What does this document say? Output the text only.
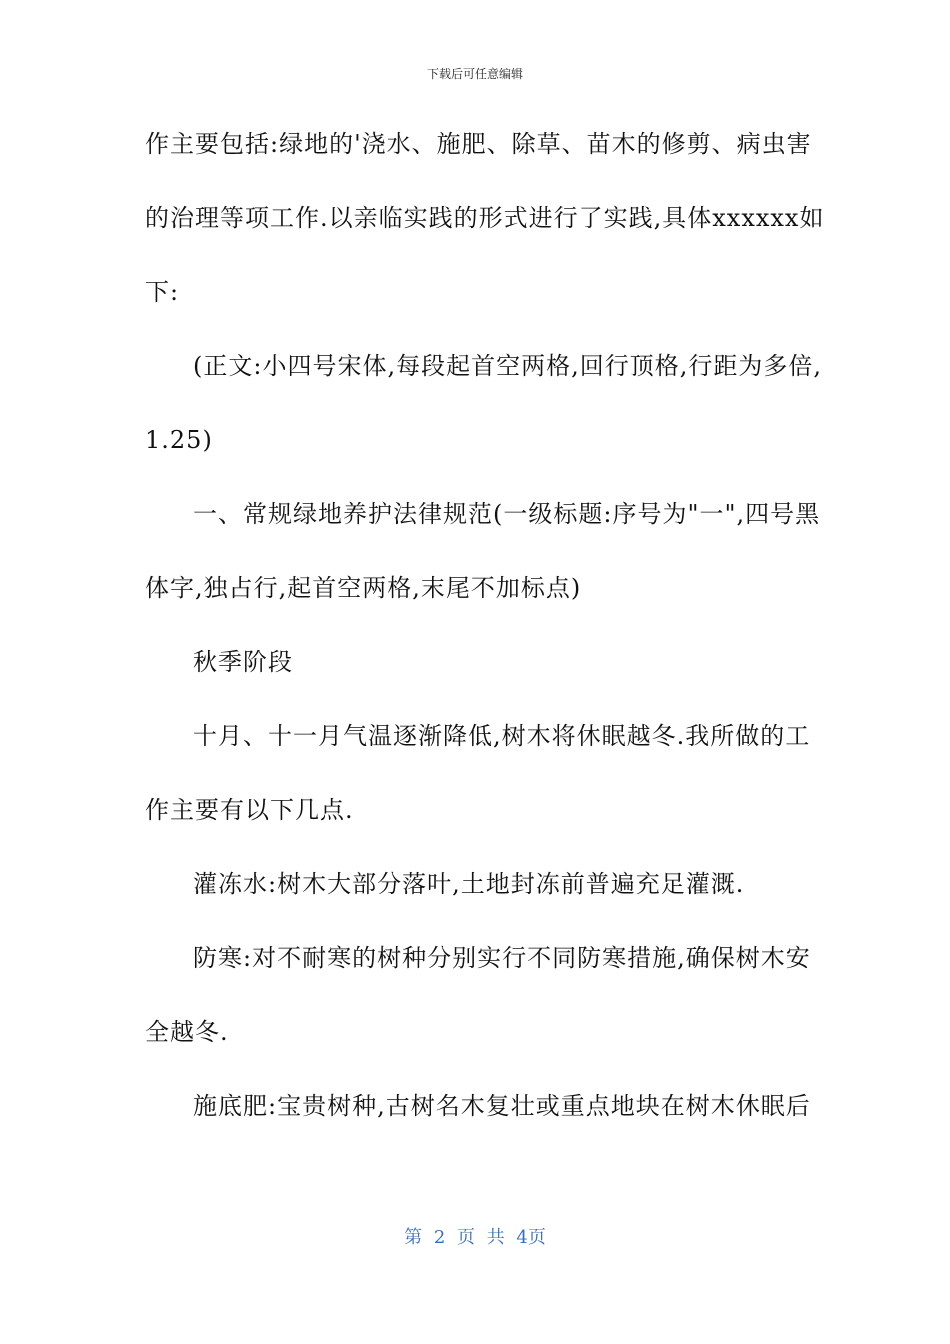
下载后可任意编辑
作主要包括:绿地的'浇水、施肥、除草、苗木的修剪、病虫害
的治理等项工作.以亲临实践的形式进行了实践,具体xxxxxx如
下:
(正文:小四号宋体,每段起首空两格,回行顶格,行距为多倍,
1.25)
一、常规绿地养护法律规范(一级标题:序号为"一",四号黑
体字,独占行,起首空两格,末尾不加标点)
秋季阶段
十月、十一月气温逐渐降低,树木将休眠越冬.我所做的工
作主要有以下几点.
灌冻水:树木大部分落叶,土地封冻前普遍充足灌溉.
防寒:对不耐寒的树种分别实行不同防寒措施,确保树木安
全越冬.
施底肥:宝贵树种,古树名木复壮或重点地块在树木休眠后
第 2 页 共 4页
